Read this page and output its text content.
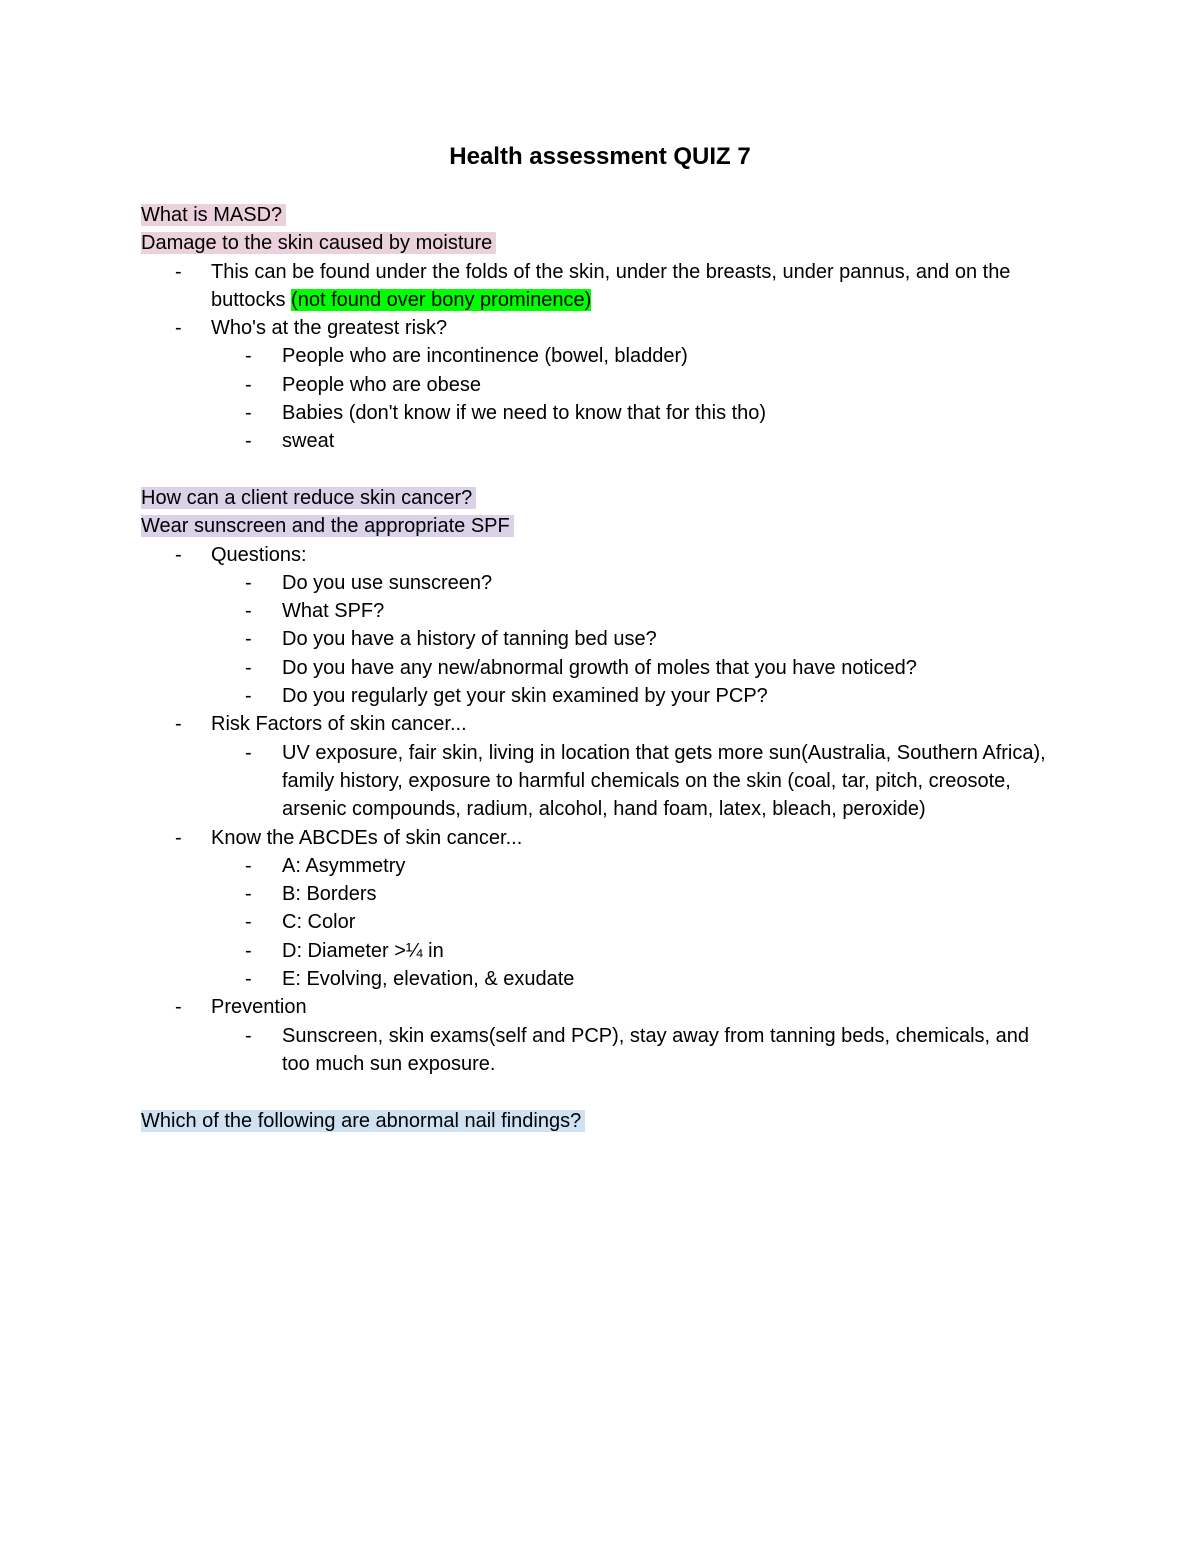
Health assessment QUIZ 7
What is MASD?
Damage to the skin caused by moisture
-	This can be found under the folds of the skin, under the breasts, under pannus, and on the buttocks (not found over bony prominence)
-	Who's at the greatest risk?
-	People who are incontinence (bowel, bladder)
-	People who are obese
-	Babies (don't know if we need to know that for this tho)
-	sweat
How can a client reduce skin cancer?
Wear sunscreen and the appropriate SPF
-	Questions:
-	Do you use sunscreen?
-	What SPF?
-	Do you have a history of tanning bed use?
-	Do you have any new/abnormal growth of moles that you have noticed?
-	Do you regularly get your skin examined by your PCP?
-	Risk Factors of skin cancer...
-	UV exposure, fair skin, living in location that gets more sun(Australia, Southern Africa), family history, exposure to harmful chemicals on the skin (coal, tar, pitch, creosote, arsenic compounds, radium, alcohol, hand foam, latex, bleach, peroxide)
-	Know the ABCDEs of skin cancer...
-	A: Asymmetry
-	B: Borders
-	C: Color
-	D: Diameter >¼ in
-	E: Evolving, elevation, & exudate
-	Prevention
-	Sunscreen, skin exams(self and PCP), stay away from tanning beds, chemicals, and too much sun exposure.
Which of the following are abnormal nail findings?
